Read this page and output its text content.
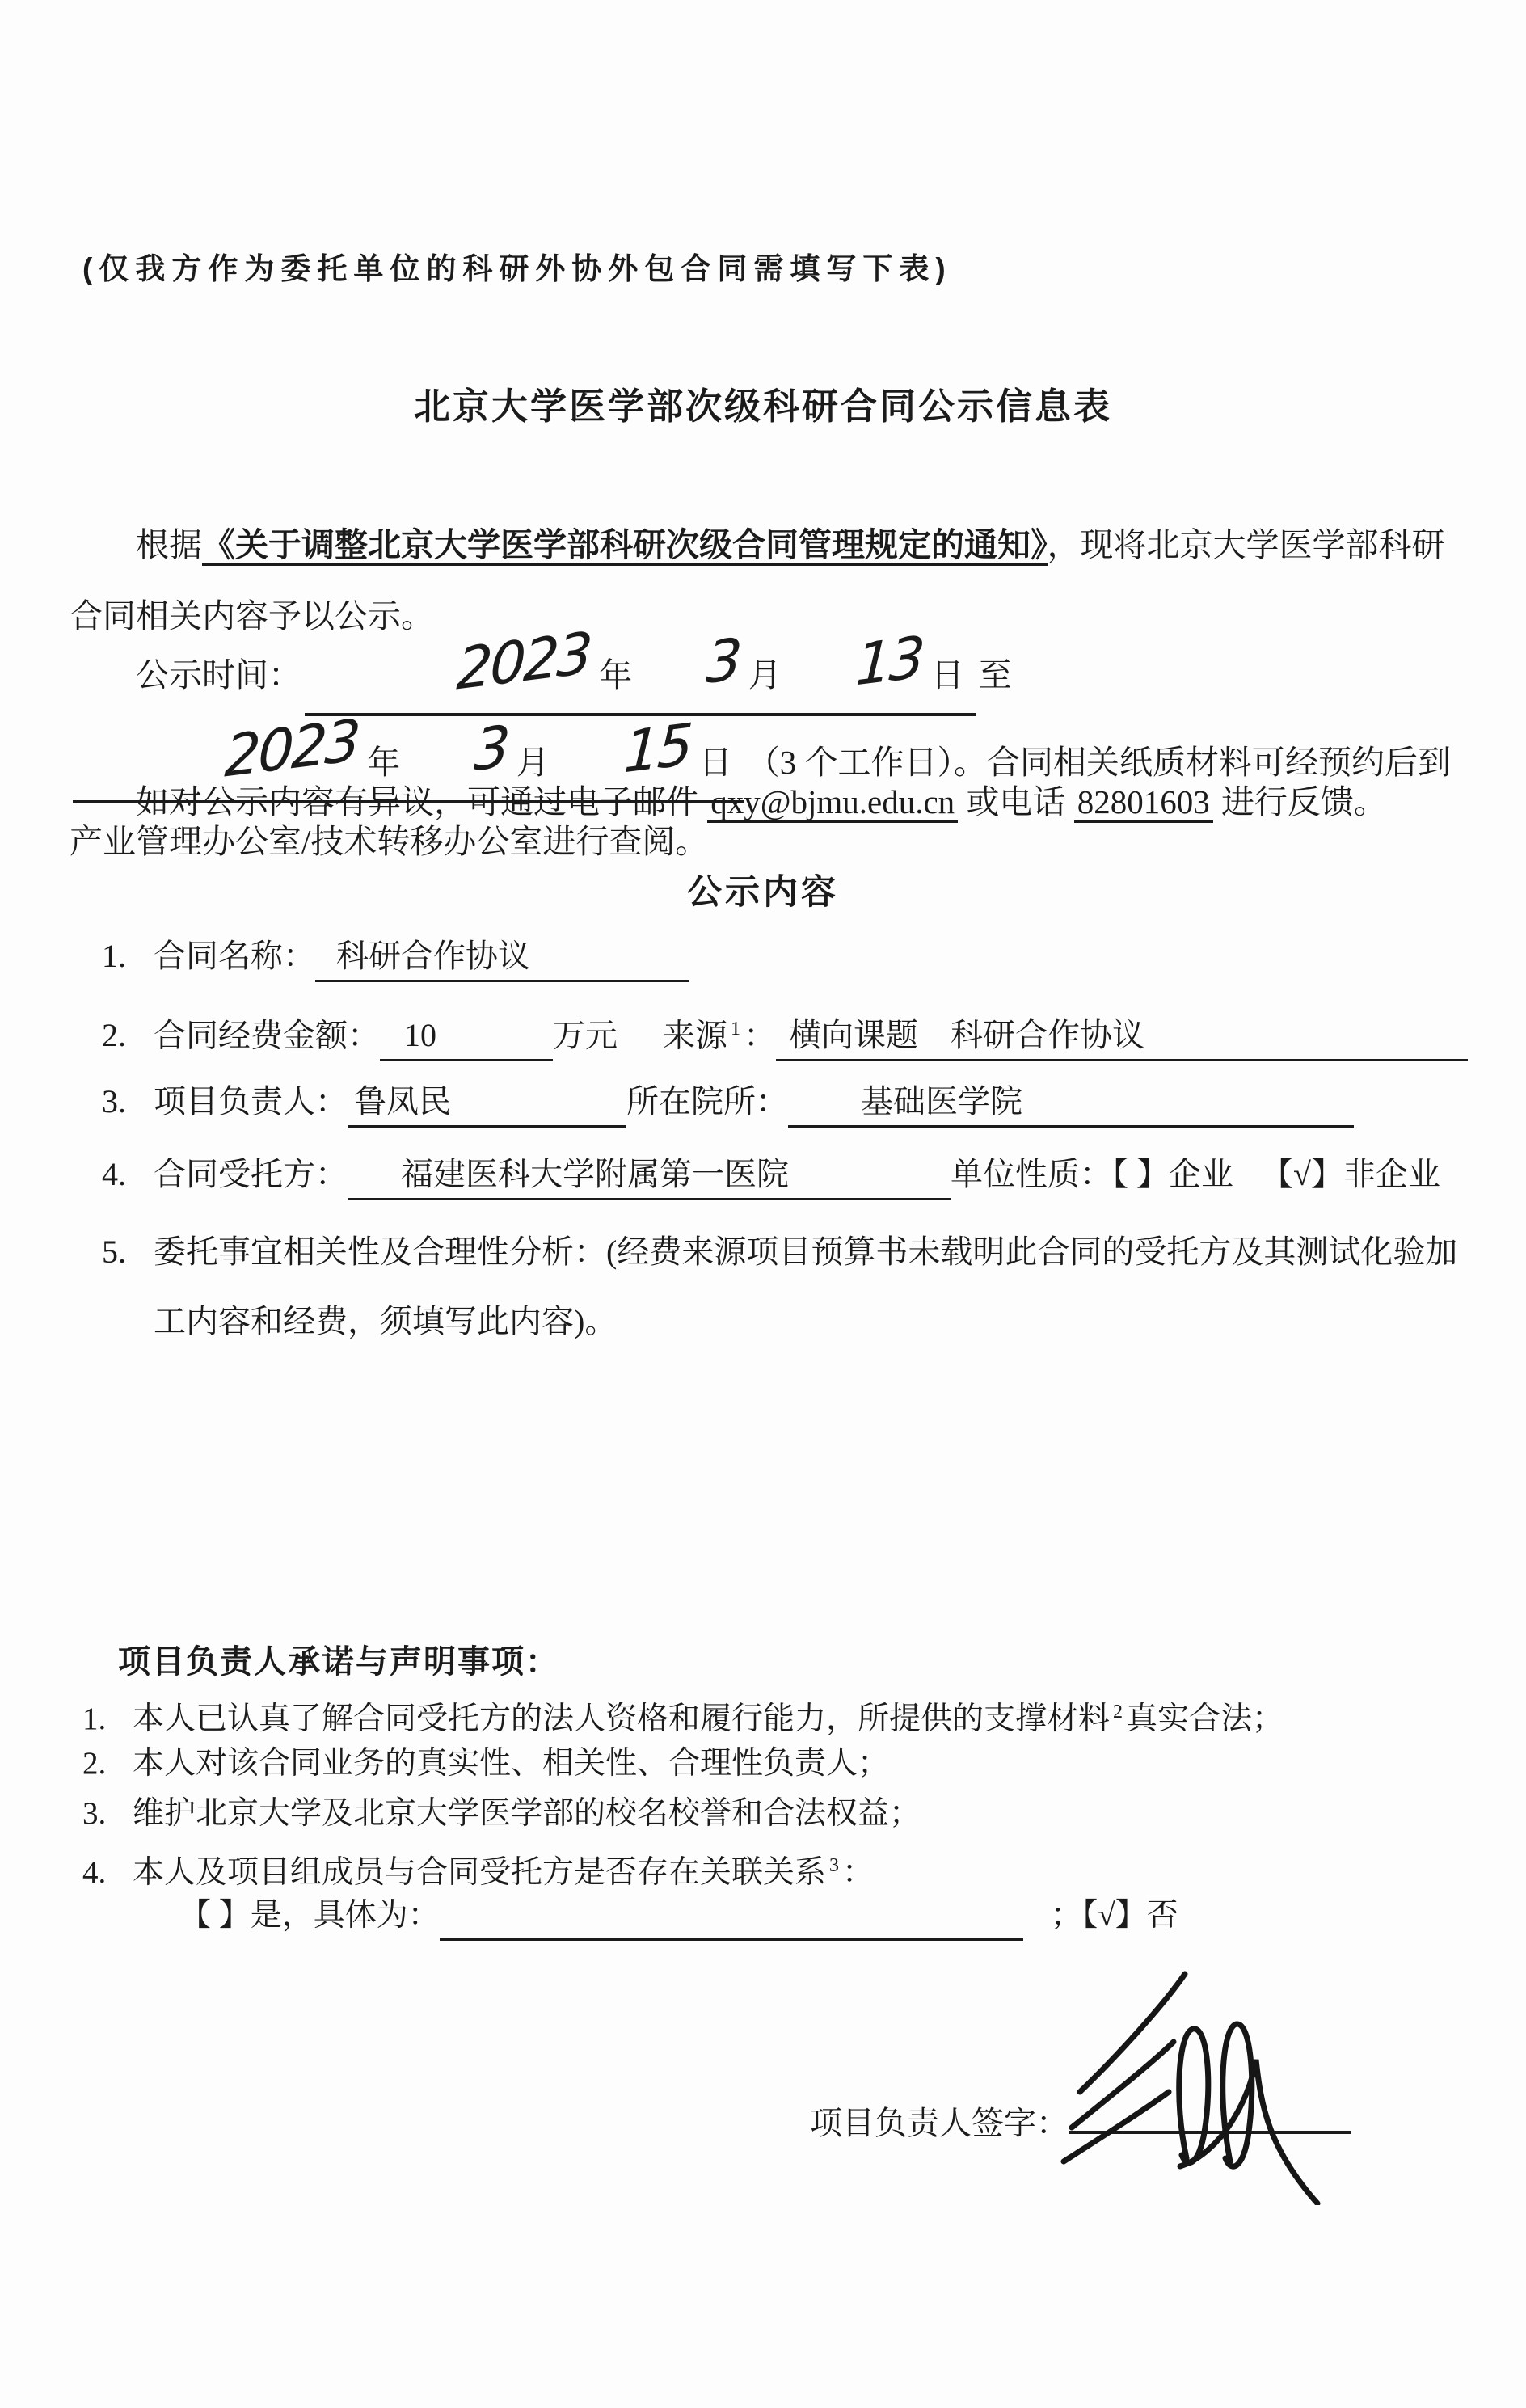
(仅我方作为委托单位的科研外协外包合同需填写下表)
北京大学医学部次级科研合同公示信息表
根据《关于调整北京大学医学部科研次级合同管理规定的通知》，现将北京大学医学部科研合同相关内容予以公示。
公示时间：	2023 年 3 月 13 日 至2023 年 3 月 15 日 （3 个工作日）。合同相关纸质材料可经预约后到产业管理办公室/技术转移办公室进行查阅。
如对公示内容有异议，可通过电子邮件 qxy@bjmu.edu.cn 或电话 82801603 进行反馈。
公示内容
1. 合同名称： 科研合作协议
2. 合同经费金额： 10	万元 来源 $^1$ ： 横向课题　科研合作协议
3. 项目负责人： 鲁凤民	所在院所： 基础医学院
4. 合同受托方： 福建医科大学附属第一医院	单位性质：【 】企业 【√】非企业
5. 委托事宜相关性及合理性分析：(经费来源项目预算书未载明此合同的受托方及其测试化验加工内容和经费，须填写此内容)。
项目负责人承诺与声明事项：
1. 本人已认真了解合同受托方的法人资格和履行能力，所提供的支撑材料 $^2$ 真实合法；
2. 本人对该合同业务的真实性、相关性、合理性负责人；
3. 维护北京大学及北京大学医学部的校名校誉和合法权益；
4. 本人及项目组成员与合同受托方是否存在关联关系 $^3$ ：
【 】是，具体为：	；【√】否
项目负责人签字：
